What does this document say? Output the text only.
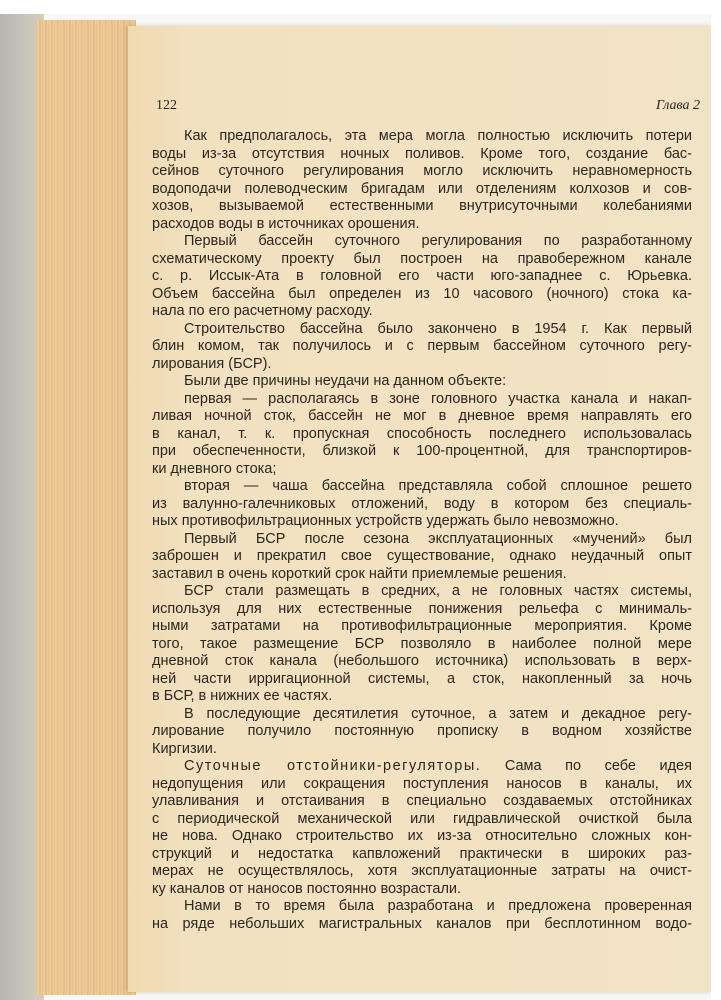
122	Глава 2
Как предполагалось, эта мера могла полностью исключить потери
воды из-за отсутствия ночных поливов. Кроме того, создание бас-
сейнов суточного регулирования могло исключить неравномерность
водоподачи полеводческим бригадам или отделениям колхозов и сов-
хозов, вызываемой естественными внутрисуточными колебаниями
расходов воды в источниках орошения.
Первый бассейн суточного регулирования по разработанному
схематическому проекту был построен на правобережном канале
с. р. Иссык-Ата в головной его части юго-западнее с. Юрьевка.
Объем бассейна был определен из 10 часового (ночного) стока ка-
нала по его расчетному расходу.
Строительство бассейна было закончено в 1954 г. Как первый
блин комом, так получилось и с первым бассейном суточного регу-
лирования (БСР).
Были две причины неудачи на данном объекте:
первая — располагаясь в зоне головного участка канала и накап-
ливая ночной сток, бассейн не мог в дневное время направлять его
в канал, т. к. пропускная способность последнего использовалась
при обеспеченности, близкой к 100-процентной, для транспортиров-
ки дневного стока;
вторая — чаша бассейна представляла собой сплошное решето
из валунно-галечниковых отложений, воду в котором без специаль-
ных противофильтрационных устройств удержать было невозможно.
Первый БСР после сезона эксплуатационных «мучений» был
заброшен и прекратил свое существование, однако неудачный опыт
заставил в очень короткий срок найти приемлемые решения.
БСР стали размещать в средних, а не головных частях системы,
используя для них естественные понижения рельефа с минималь-
ными затратами на противофильтрационные мероприятия. Кроме
того, такое размещение БСР позволяло в наиболее полной мере
дневной сток канала (небольшого источника) использовать в верх-
ней части ирригационной системы, а сток, накопленный за ночь
в БСР, в нижних ее частях.
В последующие десятилетия суточное, а затем и декадное регу-
лирование получило постоянную прописку в водном хозяйстве
Киргизии.
Суточные отстойники-регуляторы. Сама по себе идея
недопущения или сокращения поступления наносов в каналы, их
улавливания и отстаивания в специально создаваемых отстойниках
с периодической механической или гидравлической очисткой была
не нова. Однако строительство их из-за относительно сложных кон-
струкций и недостатка капвложений практически в широких раз-
мерах не осуществлялось, хотя эксплуатационные затраты на очист-
ку каналов от наносов постоянно возрастали.
Нами в то время была разработана и предложена проверенная
на ряде небольших магистральных каналов при бесплотинном водо-
